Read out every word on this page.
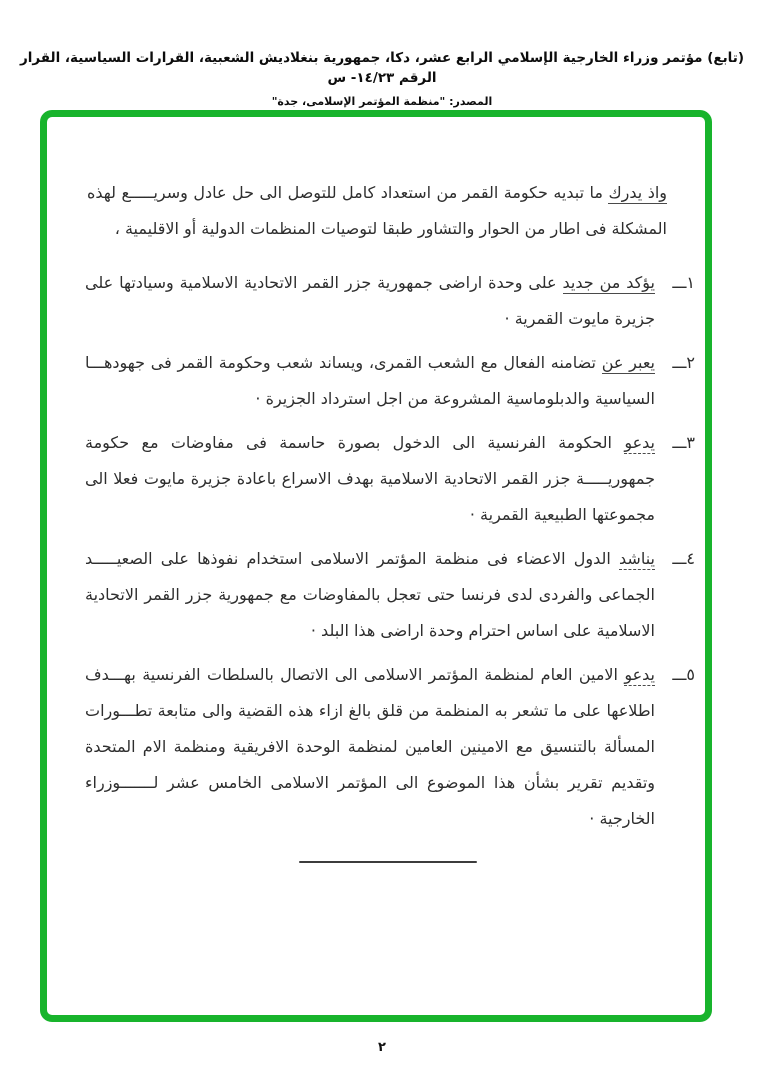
(تابع) مؤتمر وزراء الخارجية الإسلامي الرابع عشر، دكا، جمهورية بنغلاديش الشعبية، القرارات السياسية، القرار الرقم ١٤/٢٣- س
المصدر: "منظمة المؤتمر الإسلامى، جدة"

واذ يدرك ما تبديه حكومة القمر من استعداد كامل للتوصل الى حل عادل وسريـــــع لهذه المشكلة فى اطار من الحوار والتشاور طبقا لتوصيات المنظمات الدولية أو الاقليمية ،

١ـــ
يؤكد من جديد على وحدة اراضى جمهورية جزر القمر الاتحادية الاسلامية وسيادتها على جزيرة مايوت القمرية ·
٢ـــ
يعبر عن تضامنه الفعال مع الشعب القمرى، ويساند شعب وحكومة القمر فى جهودهـــا السياسية والدبلوماسية المشروعة من اجل استرداد الجزيرة ·
٣ـــ
يدعو الحكومة الفرنسية الى الدخول بصورة حاسمة فى مفاوضات مع حكومة جمهوريـــــة جزر القمر الاتحادية الاسلامية بهدف الاسراع باعادة جزيرة مايوت فعلا الى مجموعتها الطبيعية القمرية ·
٤ـــ
يناشد الدول الاعضاء فى منظمة المؤتمر الاسلامى استخدام نفوذها على الصعيـــــد الجماعى والفردى لدى فرنسا حتى تعجل بالمفاوضات مع جمهورية جزر القمر الاتحادية الاسلامية على اساس احترام وحدة اراضى هذا البلد ·
٥ـــ
يدعو الامين العام لمنظمة المؤتمر الاسلامى الى الاتصال بالسلطات الفرنسية بهـــدف اطلاعها على ما تشعر به المنظمة من قلق بالغ ازاء هذه القضية والى متابعة تطـــورات المسألة بالتنسيق مع الامينين العامين لمنظمة الوحدة الافريقية ومنظمة الام المتحدة وتقديم تقرير بشأن هذا الموضوع الى المؤتمر الاسلامى الخامس عشر لـــــــوزراء الخارجية ·
٢
